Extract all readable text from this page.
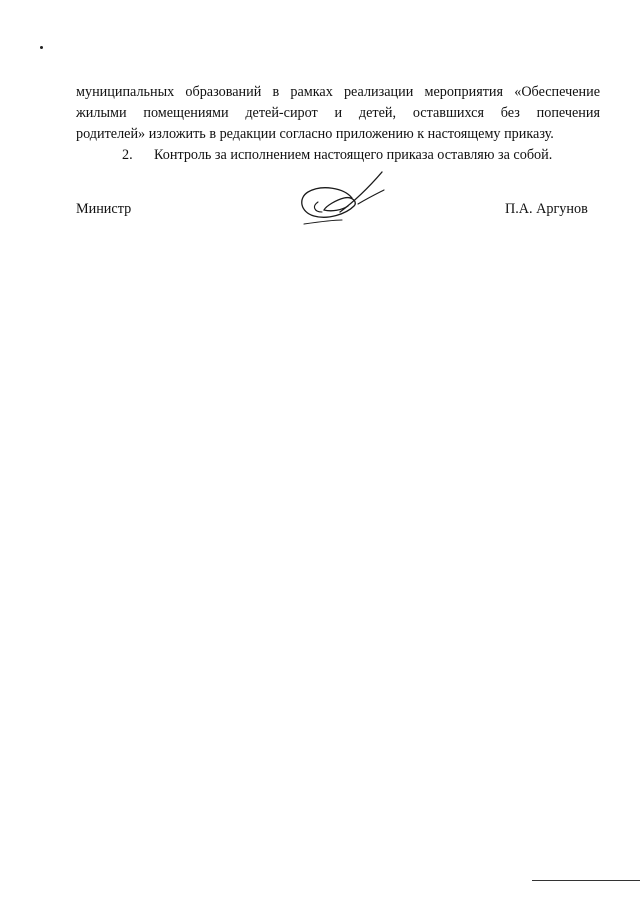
муниципальных образований в рамках реализации мероприятия «Обеспечение
жилыми помещениями детей-сирот и детей, оставшихся без попечения
родителей» изложить в редакции согласно приложению к настоящему приказу.

2. Контроль за исполнением настоящего приказа оставляю за собой.

Министр	П.А. Аргунов
